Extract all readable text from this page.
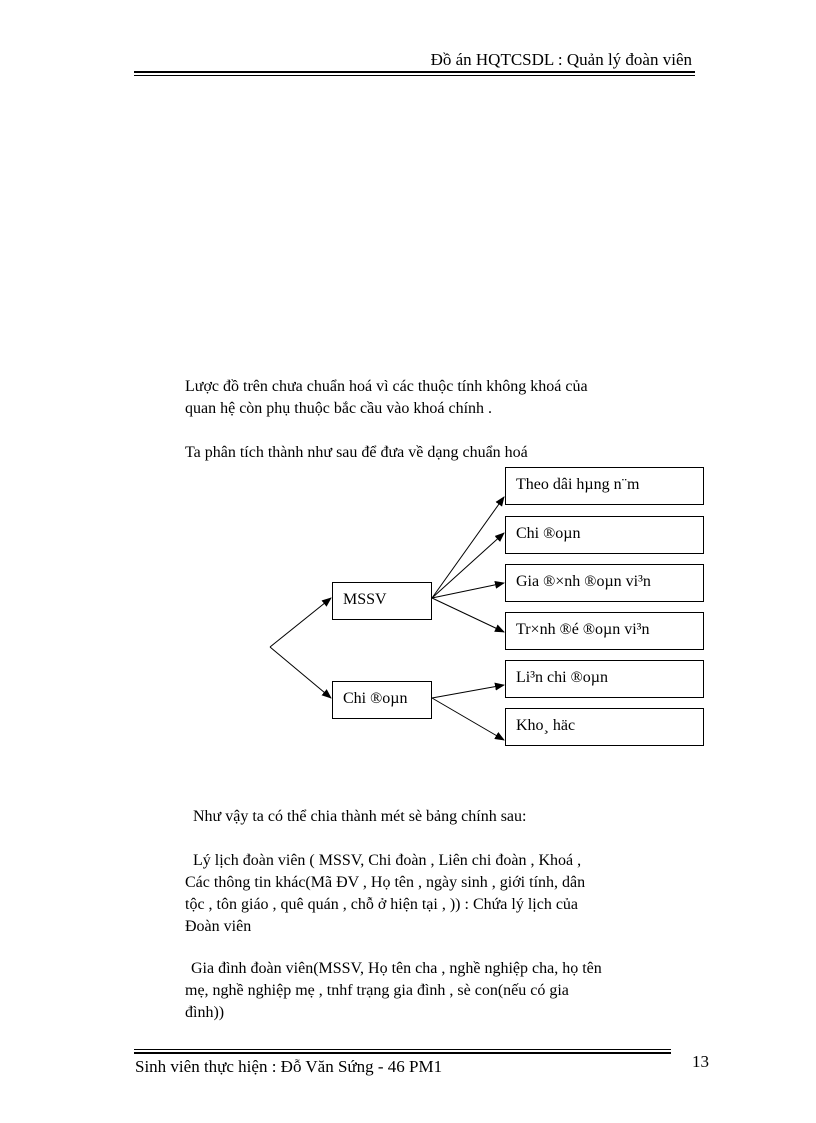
Đồ án HQTCSDL : Quản lý đoàn viên
Lược đồ trên chưa chuẩn hoá vì các thuộc tính không khoá của
quan hệ còn phụ thuộc bắc cầu vào khoá chính .
Ta phân tích thành như sau để đưa về dạng chuẩn hoá
MSSV
Chi ®oµn
Theo dâi hµng n¨m
Chi ®oµn
Gia ®×nh ®oµn vi³n
Tr×nh ®é ®oµn vi³n
Li³n chi ®oµn
Kho¸ häc
Như vậy ta có thể chia thành mét sè bảng chính sau:
Lý lịch đoàn viên ( MSSV, Chi đoàn , Liên chi đoàn , Khoá ,
Các thông tin khác(Mã ĐV , Họ tên , ngày sinh , giới tính, dân
tộc , tôn giáo , quê quán , chỗ ở hiện tại , )) : Chứa lý lịch của
Đoàn viên
Gia đình đoàn viên(MSSV, Họ tên cha , nghề nghiệp cha, họ tên
mẹ, nghề nghiệp mẹ , tnhf trạng gia đình , sè con(nếu có gia
đình))
Sinh viên thực hiện : Đỗ Văn Sứng - 46 PM1	13
